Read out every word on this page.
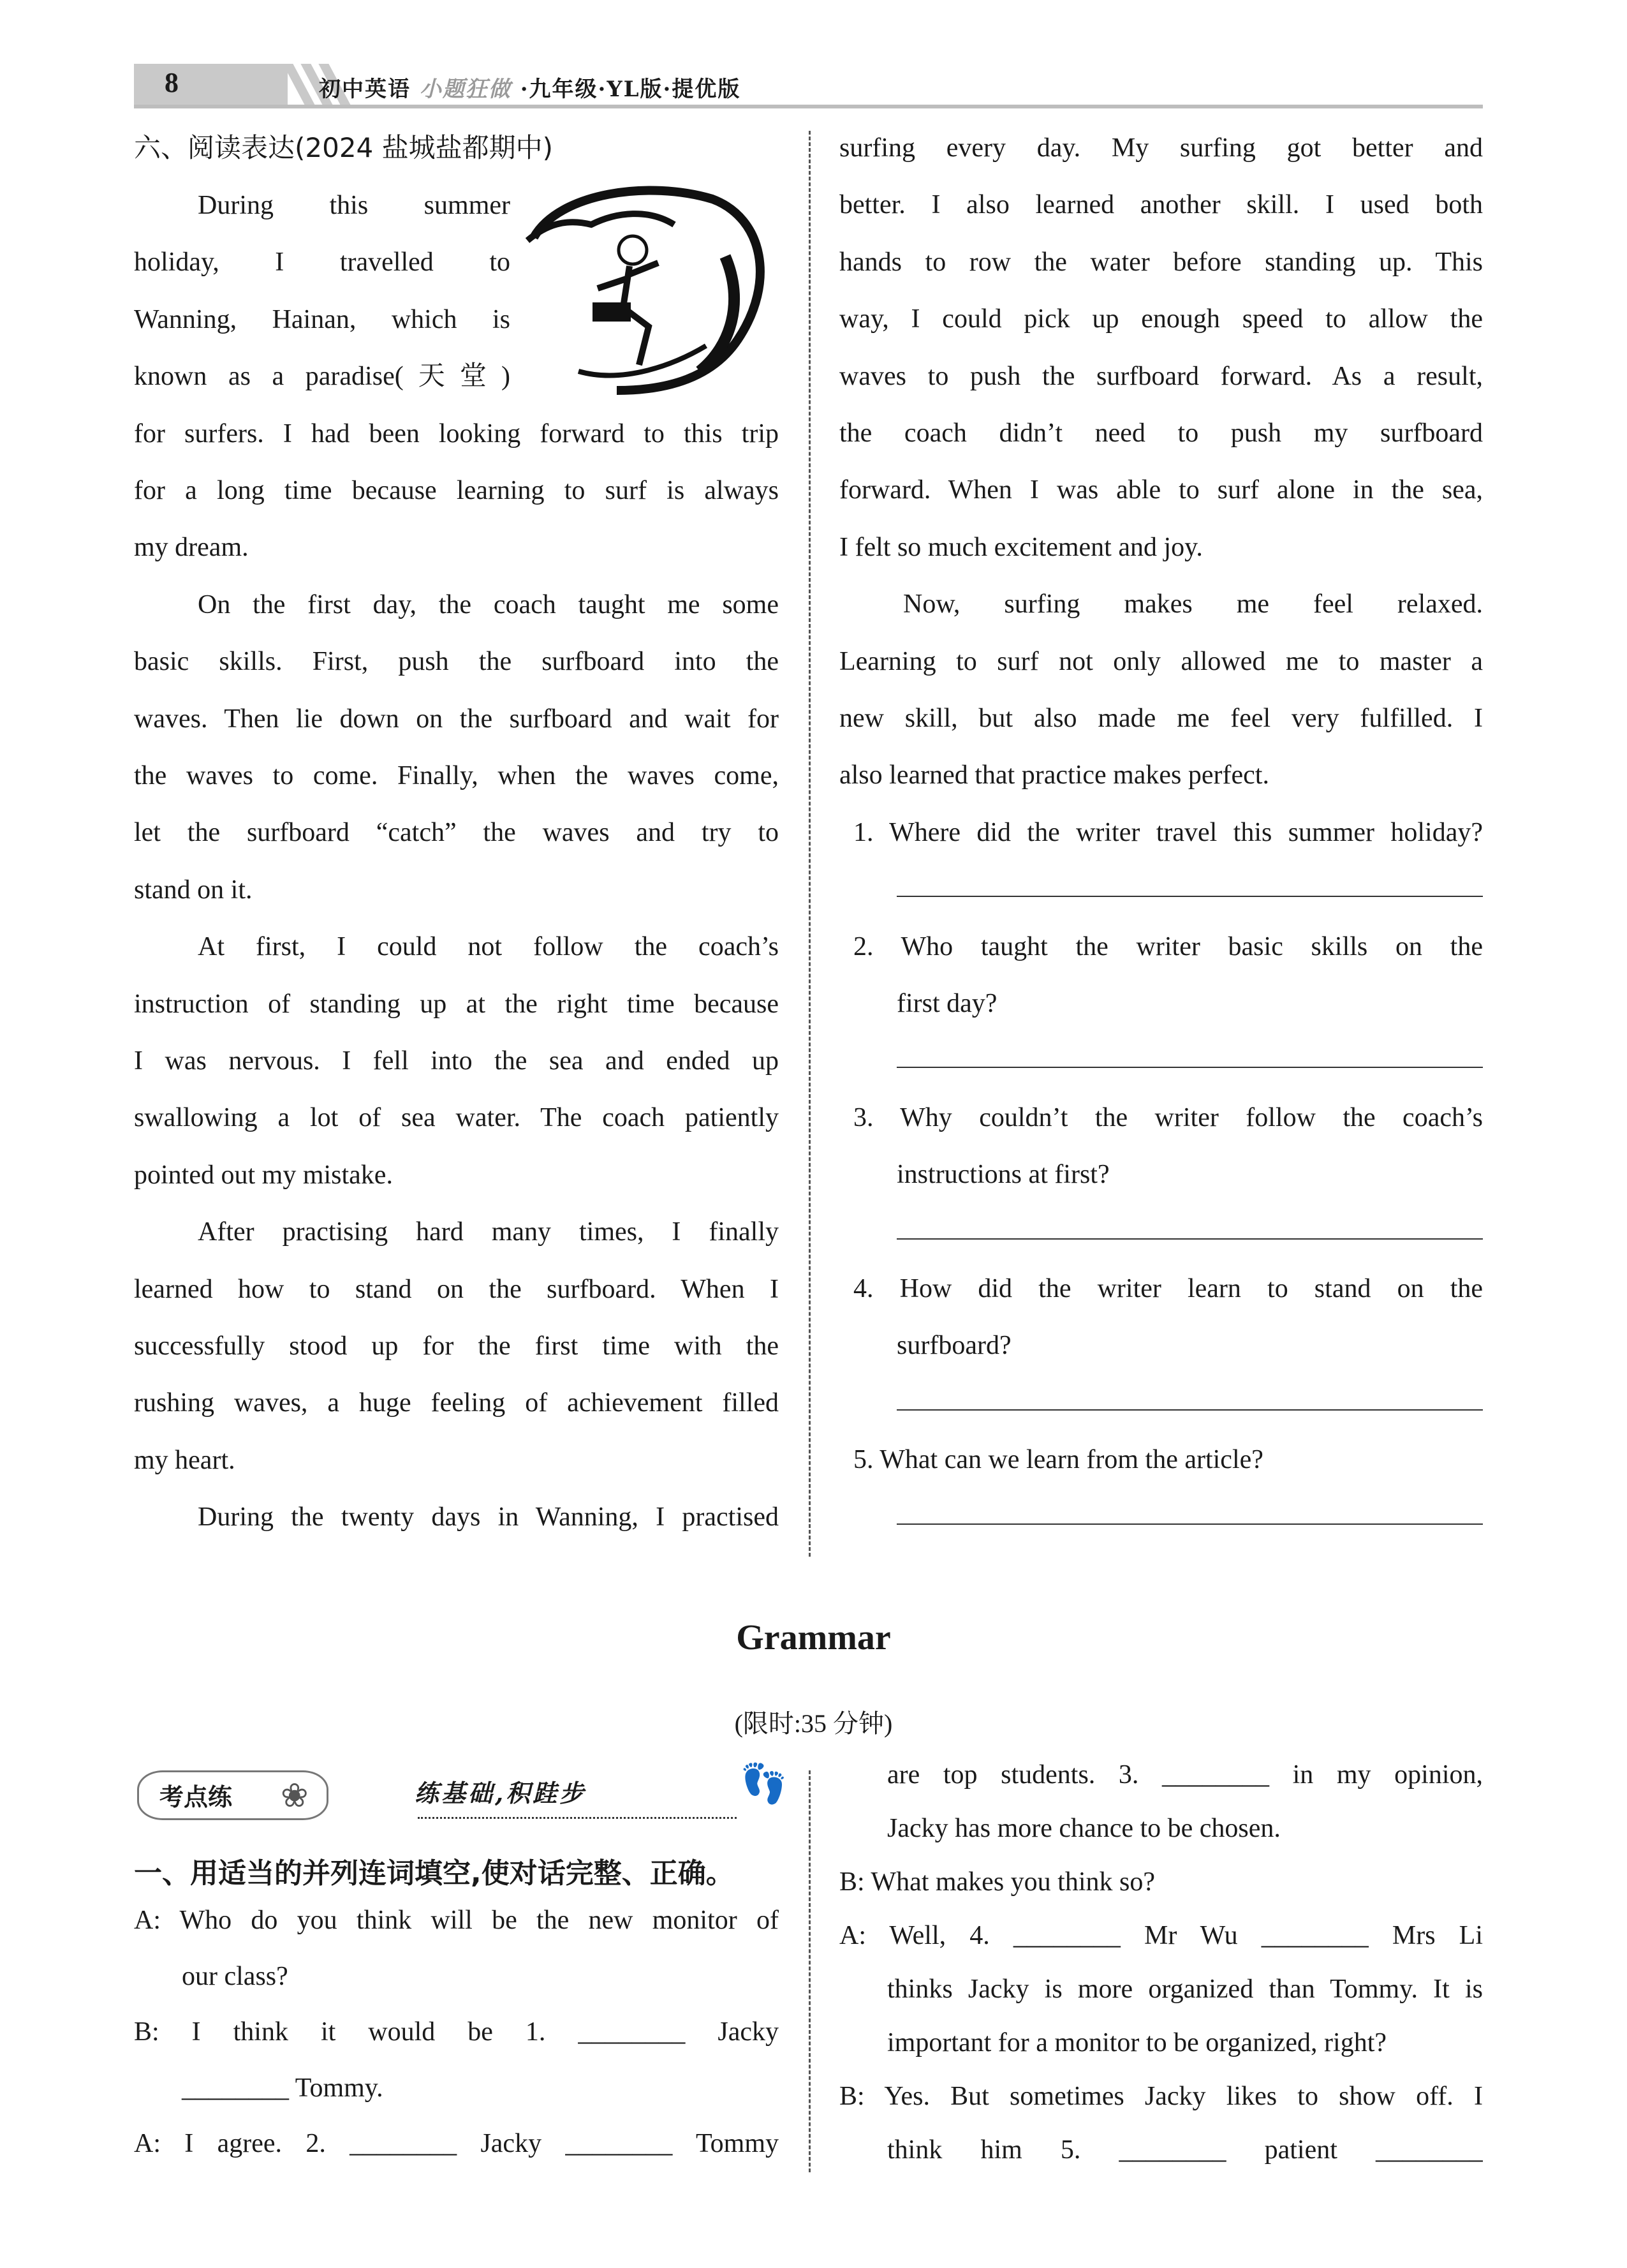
8	初中英语 小题狂做 ·九年级·YL版·提优版
六、阅读表达(2024 盐城盐都期中)
During this summer
holiday, I travelled to
Wanning, Hainan, which is
known as a paradise(天堂)
for surfers. I had been looking forward to this trip
for a long time because learning to surf is always
my dream.
On the first day, the coach taught me some
basic skills. First, push the surfboard into the
waves. Then lie down on the surfboard and wait for
the waves to come. Finally, when the waves come,
let the surfboard “catch” the waves and try to
stand on it.
At first, I could not follow the coach’s
instruction of standing up at the right time because
I was nervous. I fell into the sea and ended up
swallowing a lot of sea water. The coach patiently
pointed out my mistake.
After practising hard many times, I finally
learned how to stand on the surfboard. When I
successfully stood up for the first time with the
rushing waves, a huge feeling of achievement filled
my heart.
During the twenty days in Wanning, I practised
surfing every day. My surfing got better and
better. I also learned another skill. I used both
hands to row the water before standing up. This
way, I could pick up enough speed to allow the
waves to push the surfboard forward. As a result,
the coach didn’t need to push my surfboard
forward. When I was able to surf alone in the sea,
I felt so much excitement and joy.
Now, surfing makes me feel relaxed.
Learning to surf not only allowed me to master a
new skill, but also made me feel very fulfilled. I
also learned that practice makes perfect.
1. Where did the writer travel this summer holiday?
2. Who taught the writer basic skills on the
first day?
3. Why couldn’t the writer follow the coach’s
instructions at first?
4. How did the writer learn to stand on the
surfboard?
5. What can we learn from the article?
Grammar
(限时:35 分钟)
考点练	❀	练基础,积跬步	👣
一、用适当的并列连词填空,使对话完整、正确。
A: Who do you think will be the new monitor of
our class?
B: I think it would be 1. ________ Jacky
________ Tommy.
A: I agree. 2. ________ Jacky ________ Tommy
are top students. 3. ________ in my opinion,
Jacky has more chance to be chosen.
B: What makes you think so?
A: Well, 4. ________ Mr Wu ________ Mrs Li
thinks Jacky is more organized than Tommy. It is
important for a monitor to be organized, right?
B: Yes. But sometimes Jacky likes to show off. I
think him 5. ________ patient ________
